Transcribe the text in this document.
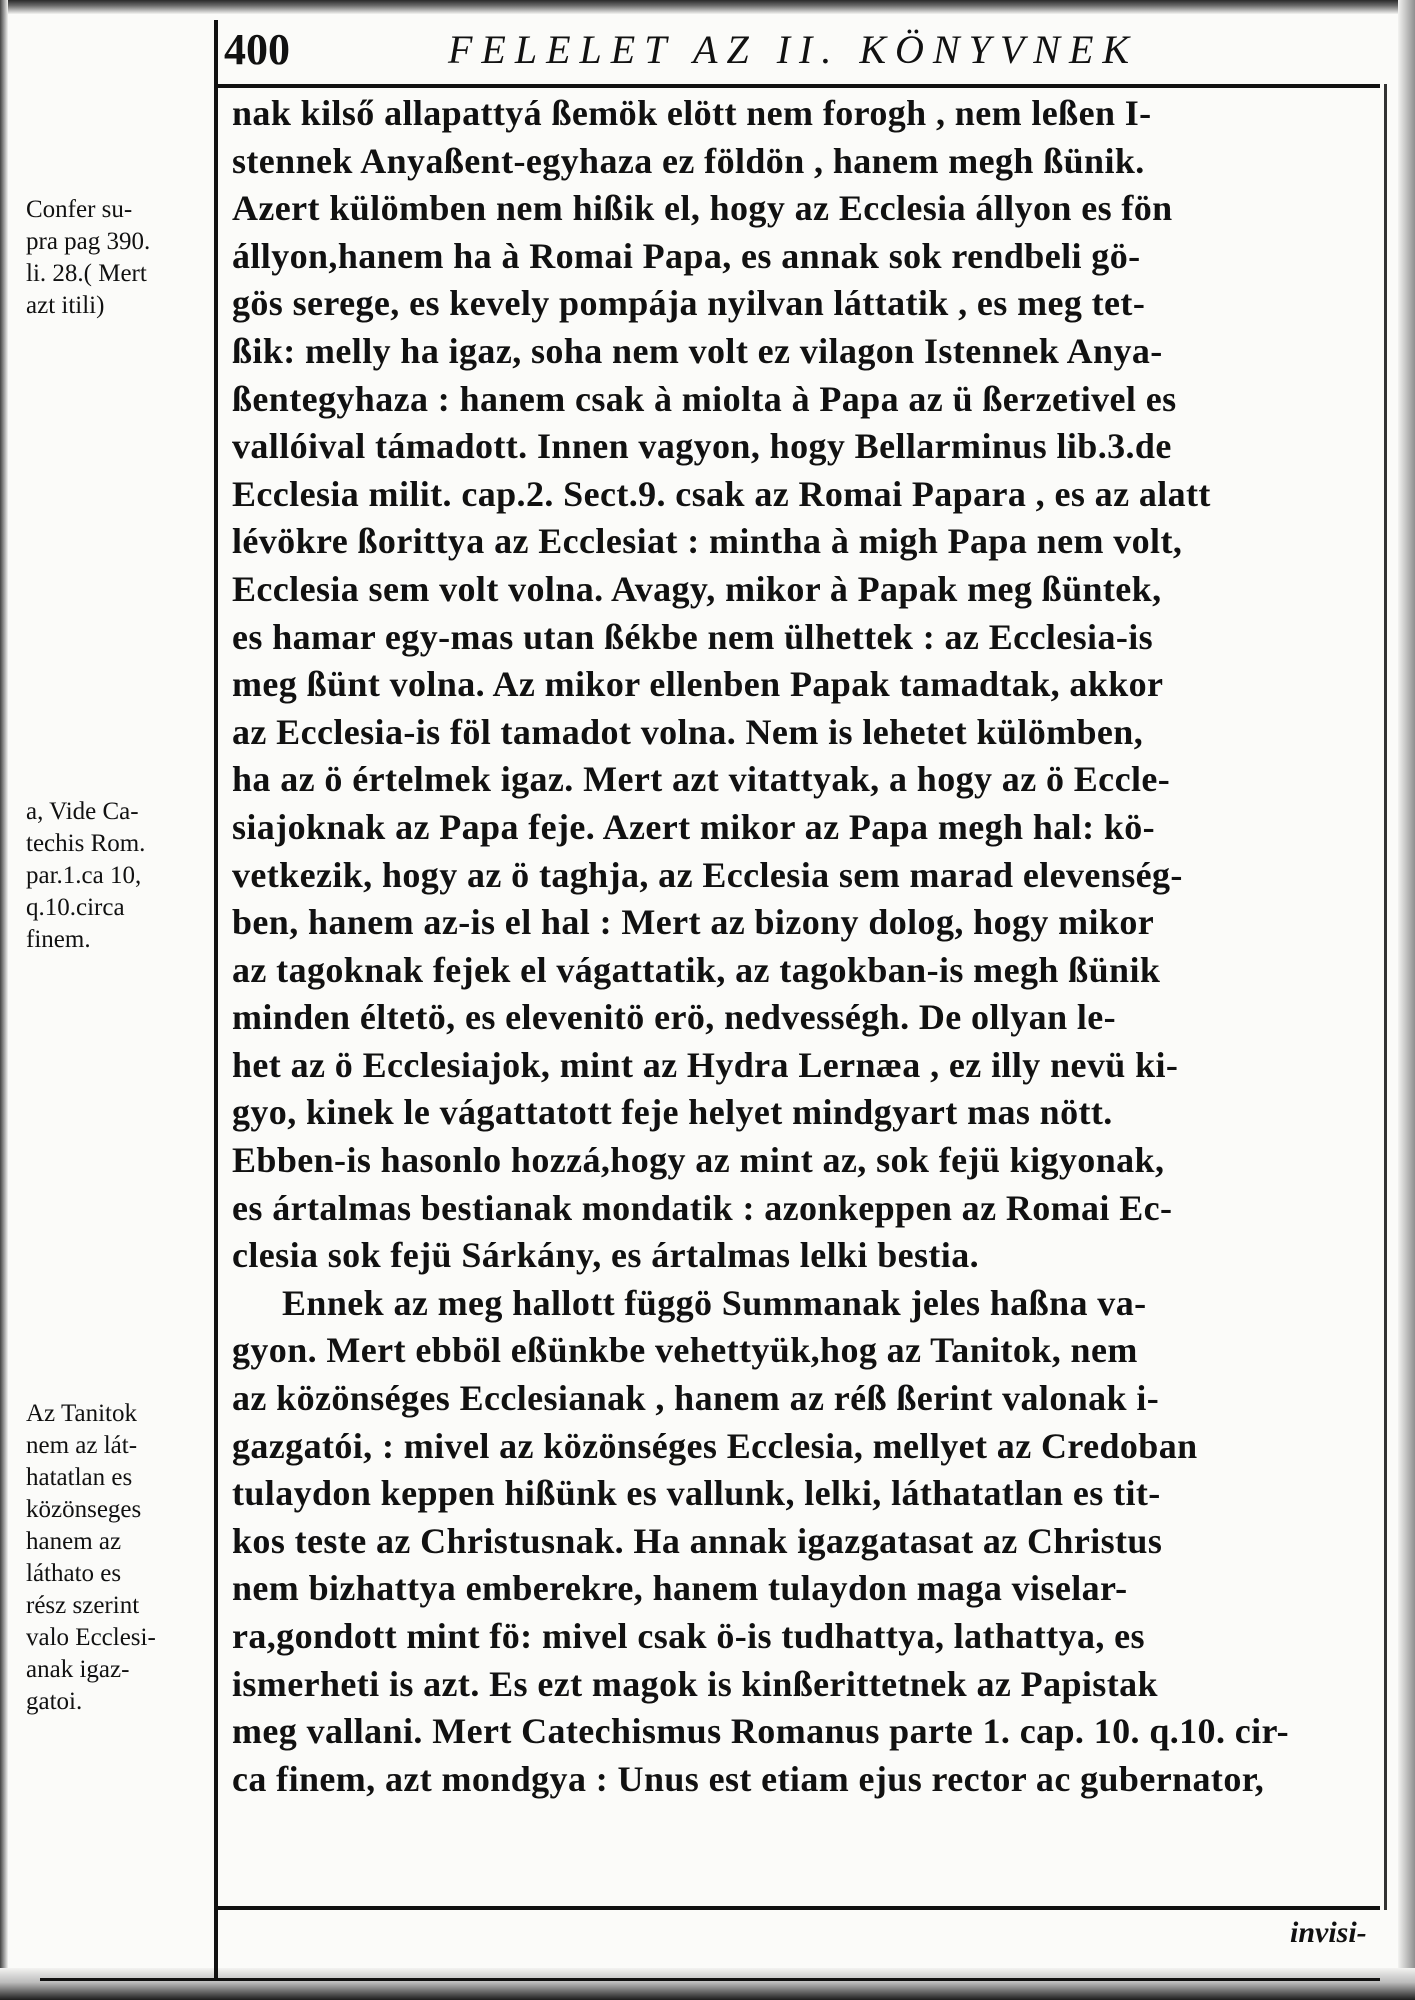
400	FELELET AZ II. KÖNYVNEK
Confer su-
pra pag 390.
li. 28.( Mert
azt itili)
a, Vide Ca-
techis Rom.
par.1.ca 10,
q.10.circa
finem.
Az Tanitok
nem az lát-
hatatlan es
közönseges
hanem az
láthato es
rész szerint
valo Ecclesi-
anak igaz-
gatoi.
nak kilső allapattyá ßemök elött nem forogh , nem leßen I-
stennek Anyaßent-egyhaza ez földön , hanem megh ßünik.
Azert külömben nem hißik el, hogy az Ecclesia állyon es fön
állyon,hanem ha à Romai Papa, es annak sok rendbeli gö-
gös serege, es kevely pompája nyilvan láttatik , es meg tet-
ßik: melly ha igaz, soha nem volt ez vilagon Istennek Anya-
ßentegyhaza : hanem csak à miolta à Papa az ü ßerzetivel es
vallóival támadott. Innen vagyon, hogy Bellarminus lib.3.de
Ecclesia milit. cap.2. Sect.9. csak az Romai Papara , es az alatt
lévökre ßorittya az Ecclesiat : mintha à migh Papa nem volt,
Ecclesia sem volt volna. Avagy, mikor à Papak meg ßüntek,
es hamar egy-mas utan ßékbe nem ülhettek : az Ecclesia-is
meg ßünt volna. Az mikor ellenben Papak tamadtak, akkor
az Ecclesia-is föl tamadot volna. Nem is lehetet külömben,
ha az ö értelmek igaz. Mert azt vitattyak, a hogy az ö Eccle-
siajoknak az Papa feje. Azert mikor az Papa megh hal: kö-
vetkezik, hogy az ö taghja, az Ecclesia sem marad elevenség-
ben, hanem az-is el hal : Mert az bizony dolog, hogy mikor
az tagoknak fejek el vágattatik, az tagokban-is megh ßünik
minden éltetö, es elevenitö erö, nedvességh. De ollyan le-
het az ö Ecclesiajok, mint az Hydra Lernæa , ez illy nevü ki-
gyo, kinek le vágattatott feje helyet mindgyart mas nött.
Ebben-is hasonlo hozzá,hogy az mint az, sok fejü kigyonak,
es ártalmas bestianak mondatik : azonkeppen az Romai Ec-
clesia sok fejü Sárkány, es ártalmas lelki bestia.
Ennek az meg hallott függö Summanak jeles haßna va-
gyon. Mert ebböl eßünkbe vehettyük,hog az Tanitok, nem
az közönséges Ecclesianak , hanem az réß ßerint valonak i-
gazgatói, : mivel az közönséges Ecclesia, mellyet az Credoban
tulaydon keppen hißünk es vallunk, lelki, láthatatlan es tit-
kos teste az Christusnak. Ha annak igazgatasat az Christus
nem bizhattya emberekre, hanem tulaydon maga viselar-
ra,gondott mint fö: mivel csak ö-is tudhattya, lathattya, es
ismerheti is azt. Es ezt magok is kinßerittetnek az Papistak
meg vallani. Mert Catechismus Romanus parte 1. cap. 10. q.10. cir-
ca finem, azt mondgya : Unus est etiam ejus rector ac gubernator,
invisi-
